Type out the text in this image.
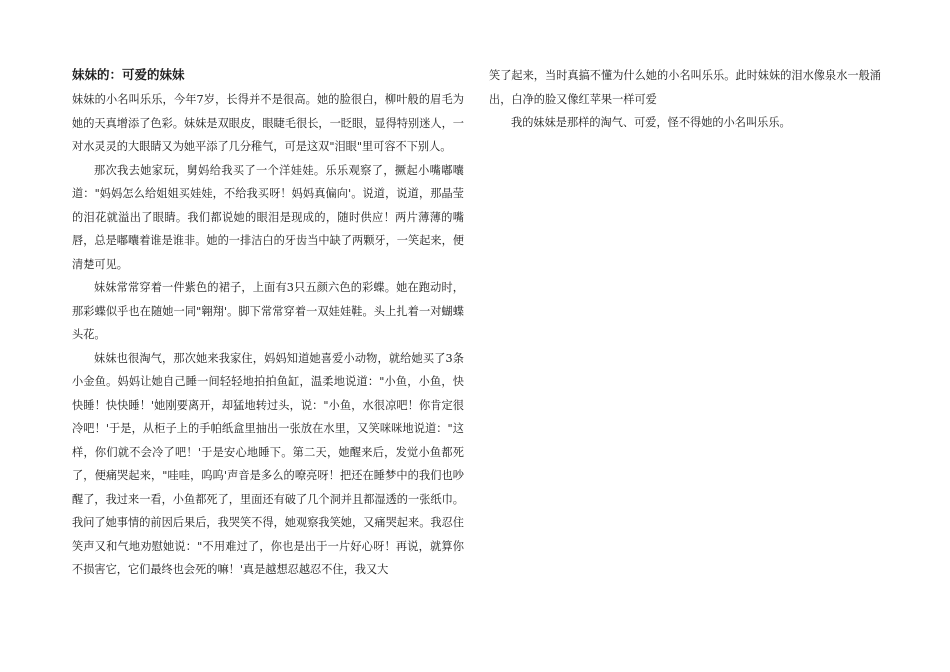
妹妹的：可爱的妹妹

妹妹的小名叫乐乐，今年7岁，长得并不是很高。她的脸很白，柳叶般的眉毛为她的天真增添了色彩。妹妹是双眼皮，眼睫毛很长，一眨眼，显得特别迷人，一对水灵灵的大眼睛又为她平添了几分稚气，可是这双"泪眼"里可容不下别人。

那次我去她家玩，舅妈给我买了一个洋娃娃。乐乐观察了，撅起小嘴嘟囔道："妈妈怎么给姐姐买娃娃，不给我买呀！妈妈真偏向'。说道，说道，那晶莹的泪花就溢出了眼睛。我们都说她的眼泪是现成的，随时供应！两片薄薄的嘴唇，总是嘟囔着谁是谁非。她的一排洁白的牙齿当中缺了两颗牙，一笑起来，便清楚可见。

妹妹常常穿着一件紫色的裙子，上面有3只五颜六色的彩蝶。她在跑动时，那彩蝶似乎也在随她一同"翱翔'。脚下常常穿着一双娃娃鞋。头上扎着一对蝴蝶头花。

妹妹也很淘气，那次她来我家住，妈妈知道她喜爱小动物，就给她买了3条小金鱼。妈妈让她自己睡一间轻轻地拍拍鱼缸，温柔地说道："小鱼，小鱼，快快睡！快快睡！'她刚要离开，却猛地转过头，说："小鱼，水很凉吧！你肯定很冷吧！'于是，从柜子上的手帕纸盒里抽出一张放在水里，又笑咪咪地说道："这样，你们就不会冷了吧！'于是安心地睡下。第二天，她醒来后，发觉小鱼都死了，便痛哭起来，"哇哇，呜呜'声音是多么的嘹亮呀！把还在睡梦中的我们也吵醒了，我过来一看，小鱼都死了，里面还有破了几个洞并且都湿透的一张纸巾。我问了她事情的前因后果后，我哭笑不得，她观察我笑她，又痛哭起来。我忍住笑声又和气地劝慰她说："不用难过了，你也是出于一片好心呀！再说，就算你不损害它，它们最终也会死的嘛！'真是越想忍越忍不住，我又大

笑了起来，当时真搞不懂为什么她的小名叫乐乐。此时妹妹的泪水像泉水一般涌出，白净的脸又像红苹果一样可爱

我的妹妹是那样的淘气、可爱，怪不得她的小名叫乐乐。
